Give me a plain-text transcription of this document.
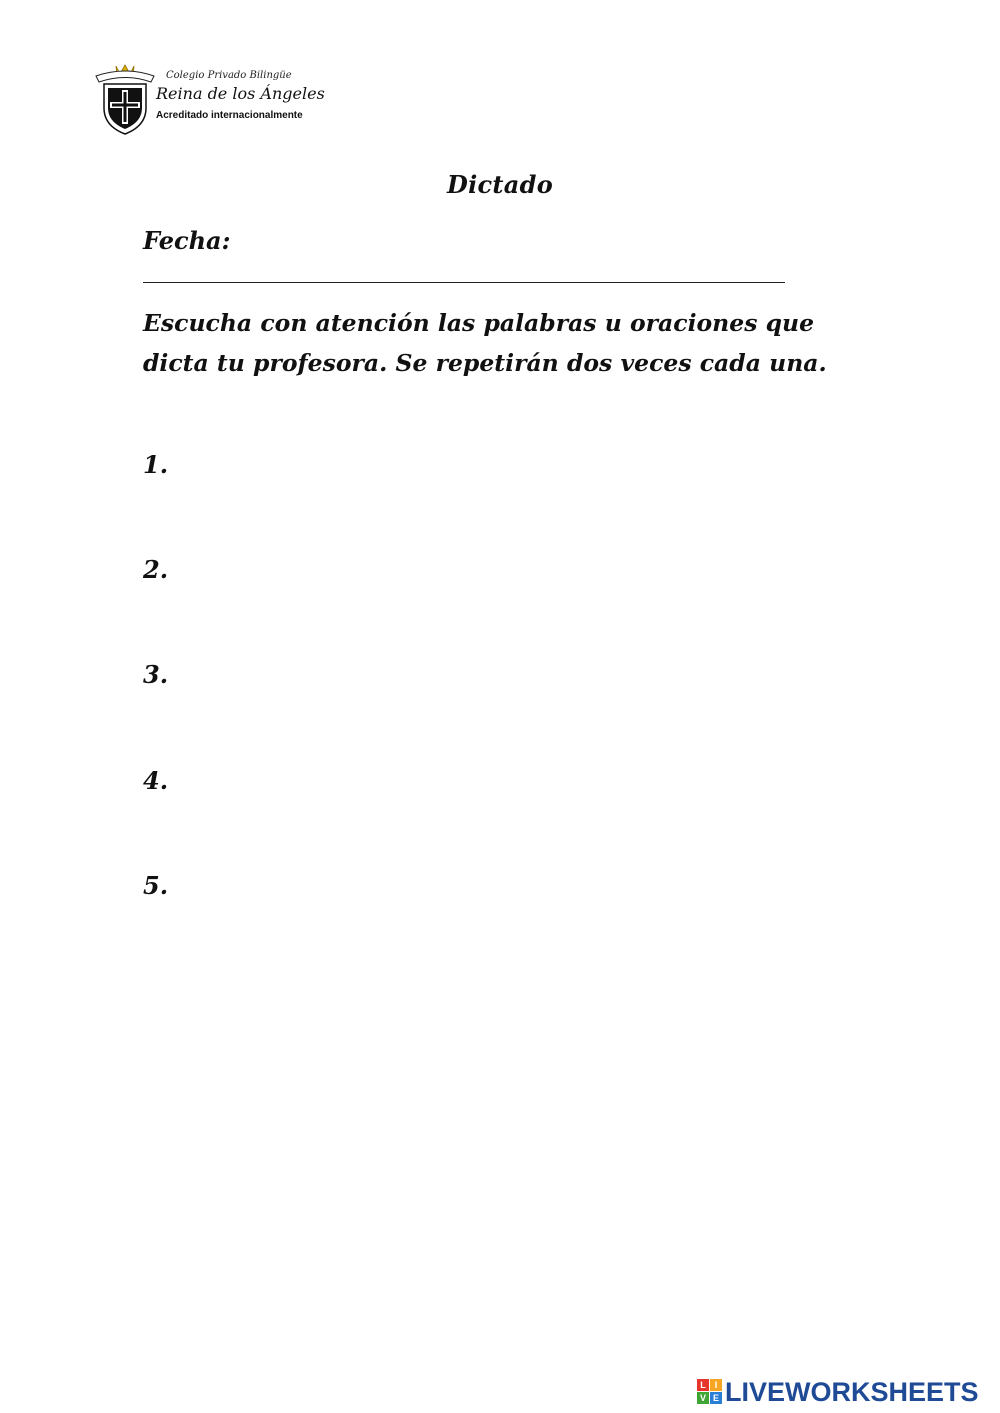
Colegio Privado Bilingüe
Reina de los Ángeles
Acreditado internacionalmente
Dictado
Fecha:
Escucha con atención las palabras u oraciones que dicta tu profesora. Se repetirán dos veces cada una.
1.
2.
3.
4.
5.
L I
V E LIVEWORKSHEETS
